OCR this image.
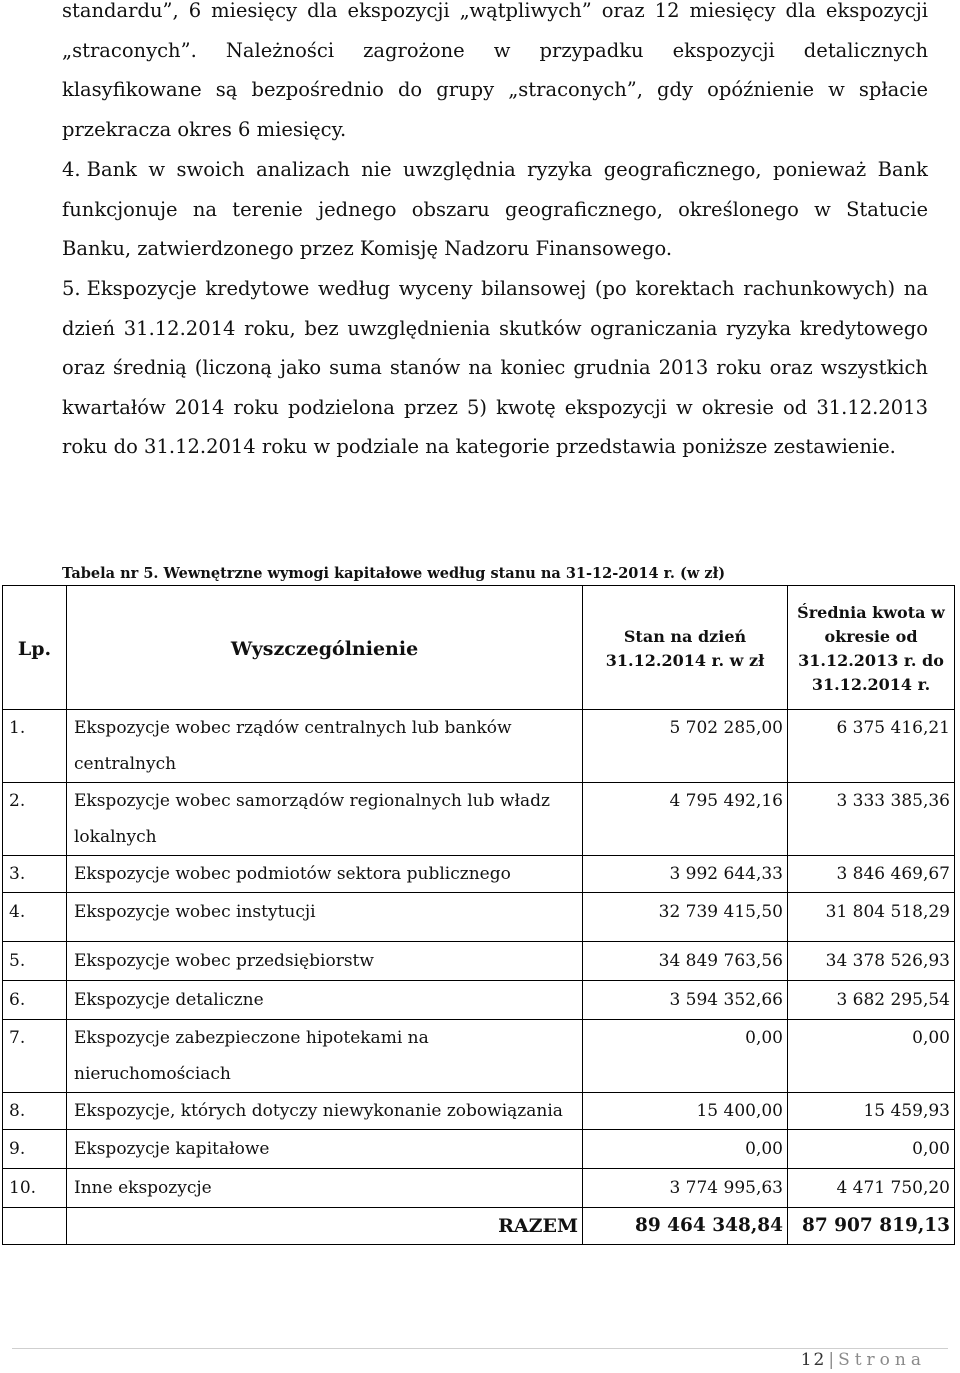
standardu”, 6 miesięcy dla ekspozycji „wątpliwych” oraz 12 miesięcy dla ekspozycji „straconych”. Należności zagrożone w przypadku ekspozycji detalicznych klasyfikowane są bezpośrednio do grupy „straconych”, gdy opóźnienie w spłacie przekracza okres 6 miesięcy.
4. Bank w swoich analizach nie uwzględnia ryzyka geograficznego, ponieważ Bank funkcjonuje na terenie jednego obszaru geograficznego, określonego w Statucie Banku, zatwierdzonego przez Komisję Nadzoru Finansowego.
5. Ekspozycje kredytowe według wyceny bilansowej (po korektach rachunkowych) na dzień 31.12.2014 roku, bez uwzględnienia skutków ograniczania ryzyka kredytowego oraz średnią (liczoną jako suma stanów na koniec grudnia 2013 roku oraz wszystkich kwartałów 2014 roku podzielona przez 5) kwotę ekspozycji w okresie od 31.12.2013 roku do 31.12.2014 roku w podziale na kategorie przedstawia poniższe zestawienie.
Tabela nr 5. Wewnętrzne wymogi kapitałowe według stanu na 31-12-2014 r. (w zł)
Lp.	Wyszczególnienie	Stan na dzień 31.12.2014 r. w zł	Średnia kwota w okresie od 31.12.2013 r. do 31.12.2014 r.
1.	Ekspozycje wobec rządów centralnych lub banków centralnych	5 702 285,00	6 375 416,21
2.	Ekspozycje wobec samorządów regionalnych lub władz lokalnych	4 795 492,16	3 333 385,36
3.	Ekspozycje wobec podmiotów sektora publicznego	3 992 644,33	3 846 469,67
4.	Ekspozycje wobec instytucji	32 739 415,50	31 804 518,29
5.	Ekspozycje wobec przedsiębiorstw	34 849 763,56	34 378 526,93
6.	Ekspozycje detaliczne	3 594 352,66	3 682 295,54
7.	Ekspozycje zabezpieczone hipotekami na nieruchomościach	0,00	0,00
8.	Ekspozycje, których dotyczy niewykonanie zobowiązania	15 400,00	15 459,93
9.	Ekspozycje kapitałowe	0,00	0,00
10.	Inne ekspozycje	3 774 995,63	4 471 750,20
	RAZEM	89 464 348,84	87 907 819,13
12 | Strona
